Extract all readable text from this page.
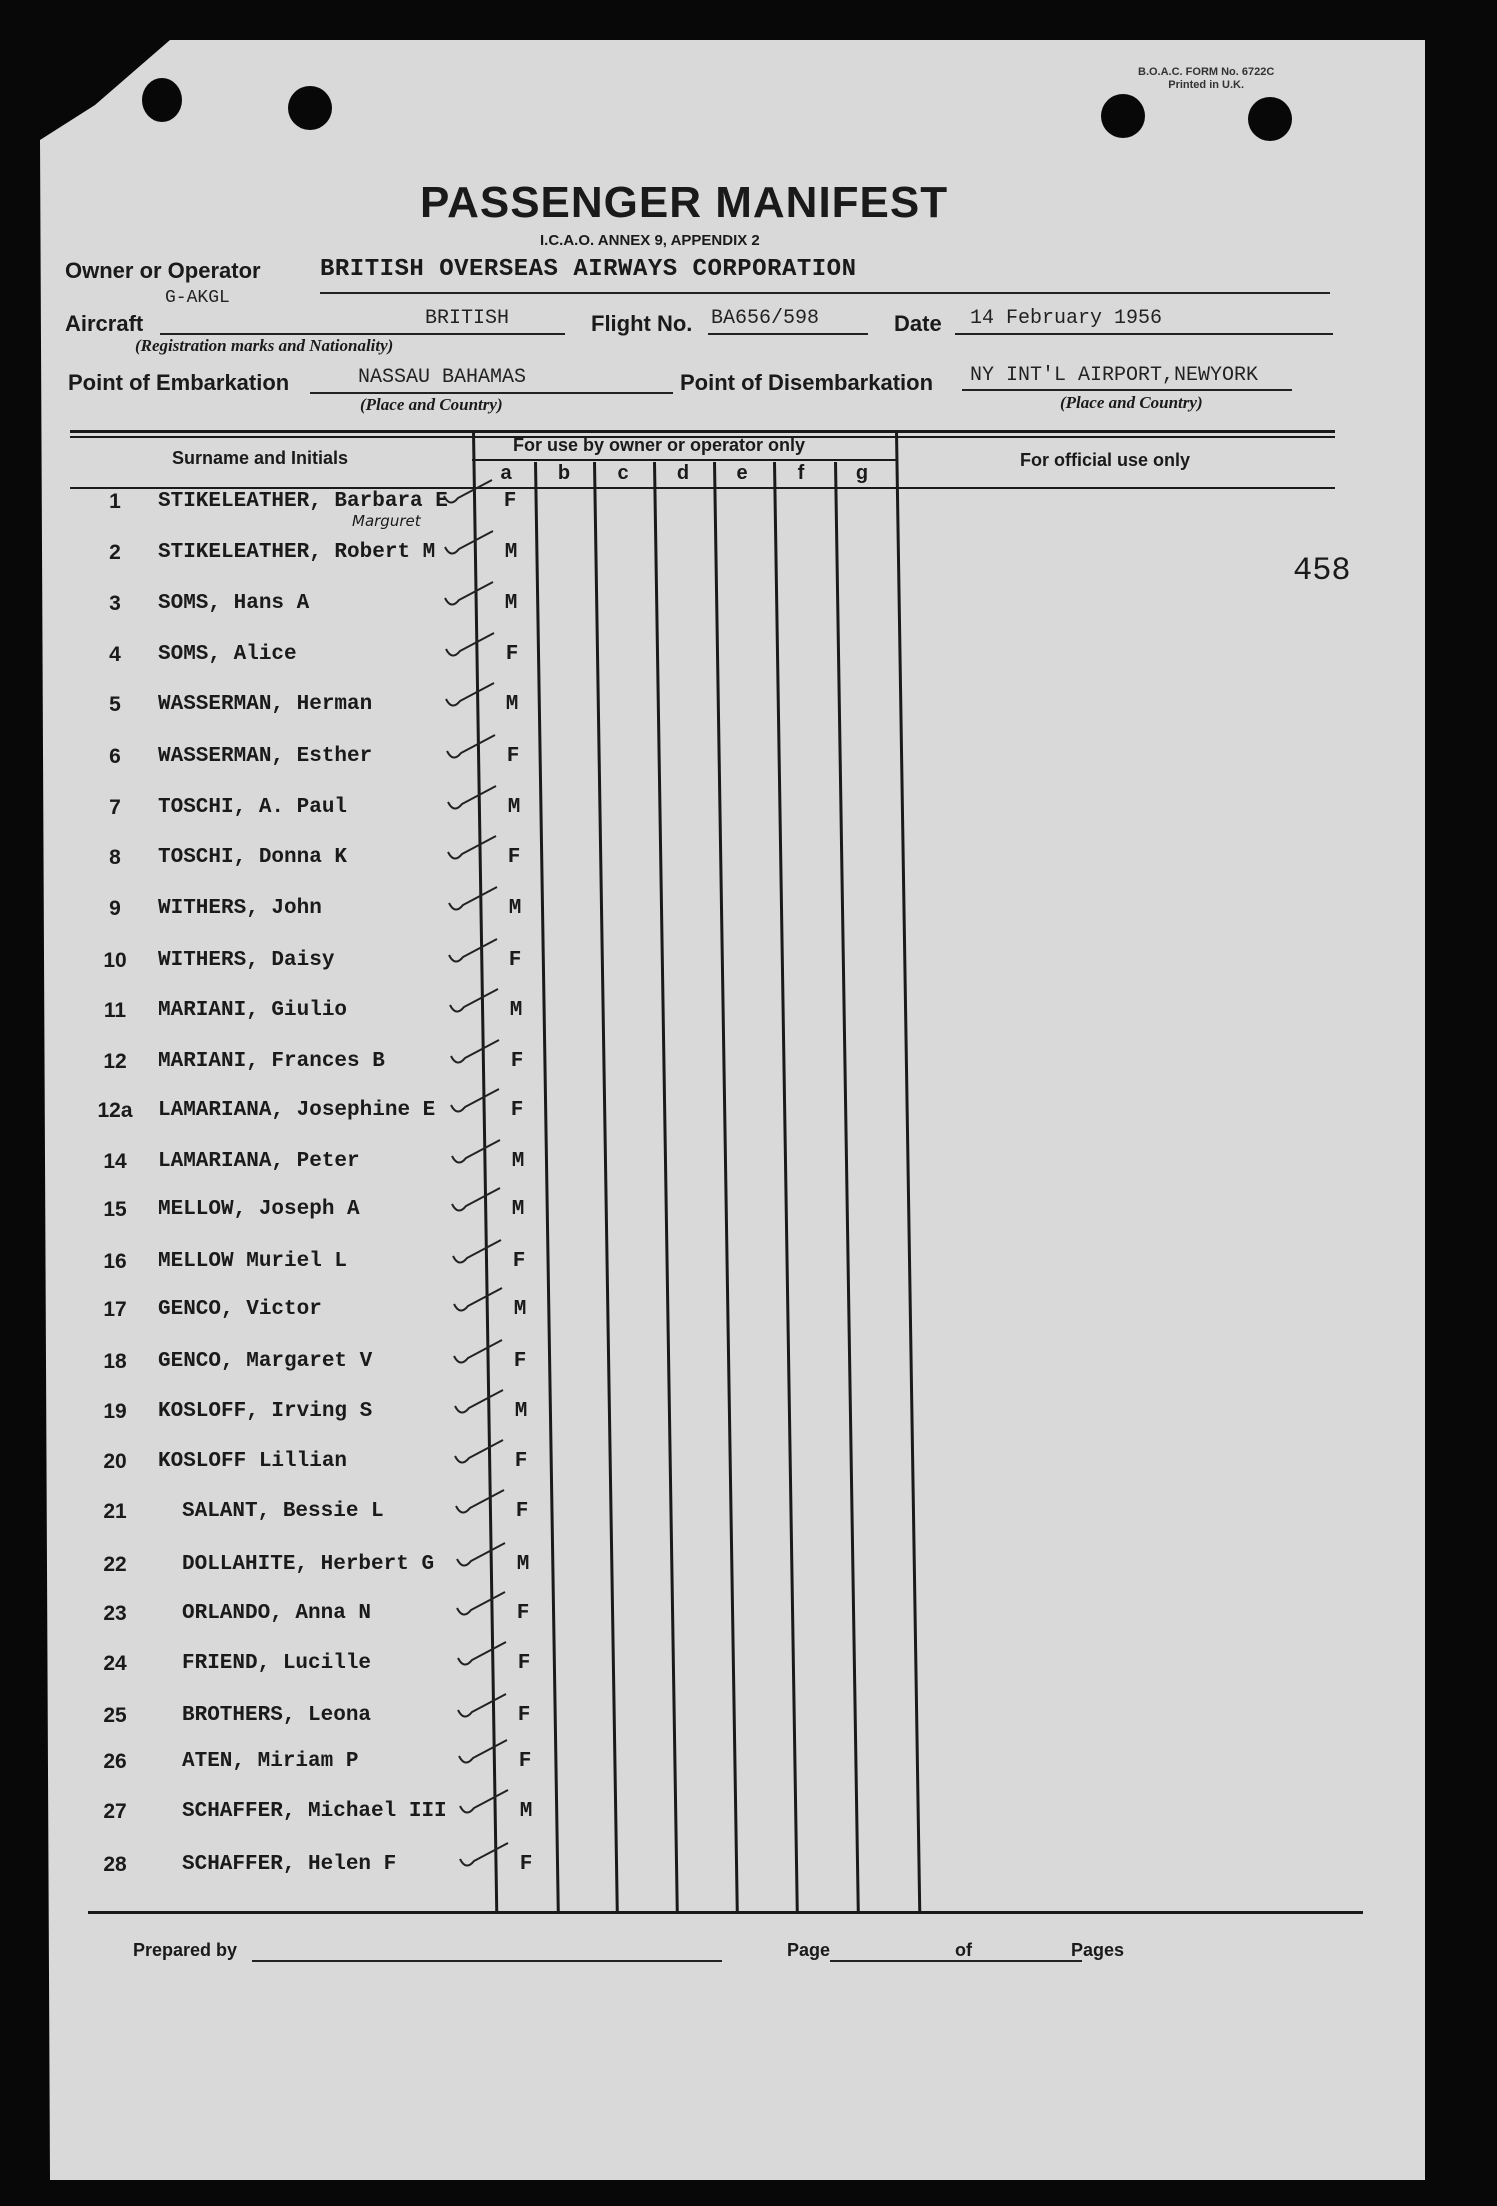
B.O.A.C. FORM No. 6722C
Printed in U.K.
PASSENGER MANIFEST
I.C.A.O. ANNEX 9, APPENDIX 2
Owner or Operator BRITISH OVERSEAS AIRWAYS CORPORATION
G-AKGL
Aircraft	BRITISH
(Registration marks and Nationality)
Flight No. BA656/598	Date 14 February 1956
Point of Embarkation	NASSAU BAHAMAS
(Place and Country)
Point of Disembarkation NY INT'L AIRPORT,NEWYORK
(Place and Country)
Surname and Initials
For use by owner or operator only
For official use only
a	b	c	d	e	f	g
Marguret
458
1	STIKELEATHER, Barbara E	F
2	STIKELEATHER, Robert M	M
3	SOMS, Hans A	M
4	SOMS, Alice	F
5	WASSERMAN, Herman	M
6	WASSERMAN, Esther	F
7	TOSCHI, A. Paul	M
8	TOSCHI, Donna K	F
9	WITHERS, John	M
10	WITHERS, Daisy	F
11	MARIANI, Giulio	M
12	MARIANI, Frances B	F
12a	LAMARIANA, Josephine E	F
14	LAMARIANA, Peter	M
15	MELLOW, Joseph A	M
16	MELLOW Muriel L	F
17	GENCO, Victor	M
18	GENCO, Margaret V	F
19	KOSLOFF, Irving S	M
20	KOSLOFF Lillian	F
21	SALANT, Bessie L	F
22	DOLLAHITE, Herbert G	M
23	ORLANDO, Anna N	F
24	FRIEND, Lucille	F
25	BROTHERS, Leona	F
26	ATEN, Miriam P	F
27	SCHAFFER, Michael III	M
28	SCHAFFER, Helen F	F
Prepared by	Page	of	Pages
